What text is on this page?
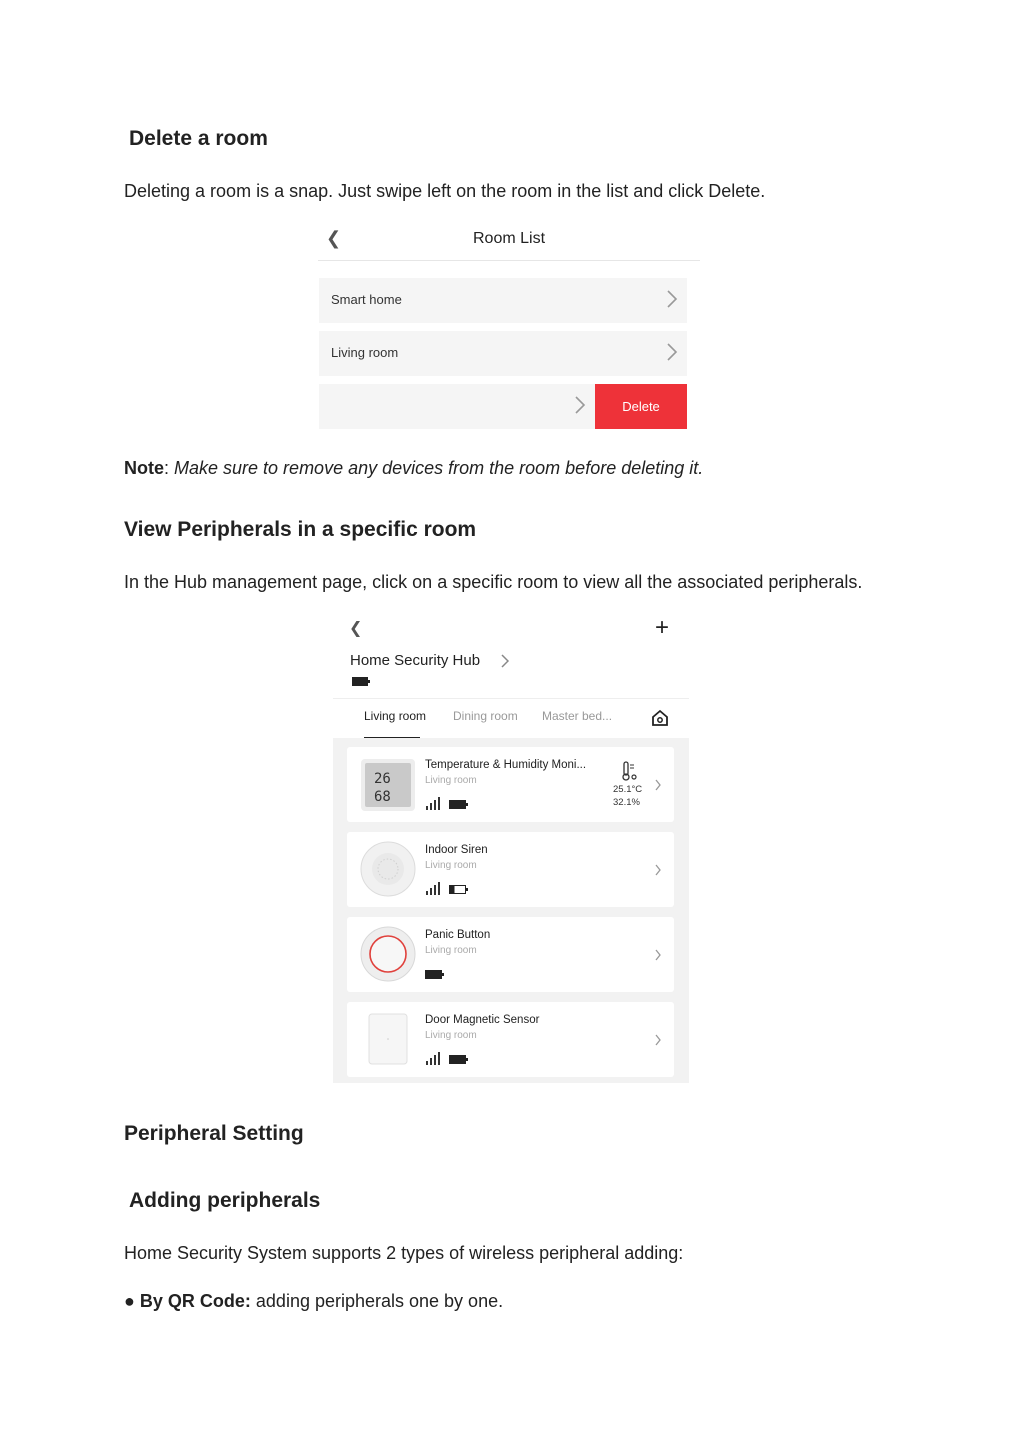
Delete a room
Deleting a room is a snap. Just swipe left on the room in the list and click Delete.
❮	Room List
Smart home
Living room
Delete
Note: Make sure to remove any devices from the room before deleting it.
View Peripherals in a specific room
In the Hub management page, click on a specific room to view all the associated peripherals.
❮	+
Home Security Hub
Living room Dining room Master bed...
26
68
Temperature & Humidity Moni...
Living room
25.1°C
32.1%
Indoor Siren
Living room
Panic Button
Living room
Door Magnetic Sensor
Living room
Peripheral Setting
Adding peripherals
Home Security System supports 2 types of wireless peripheral adding:
● By QR Code: adding peripherals one by one.
